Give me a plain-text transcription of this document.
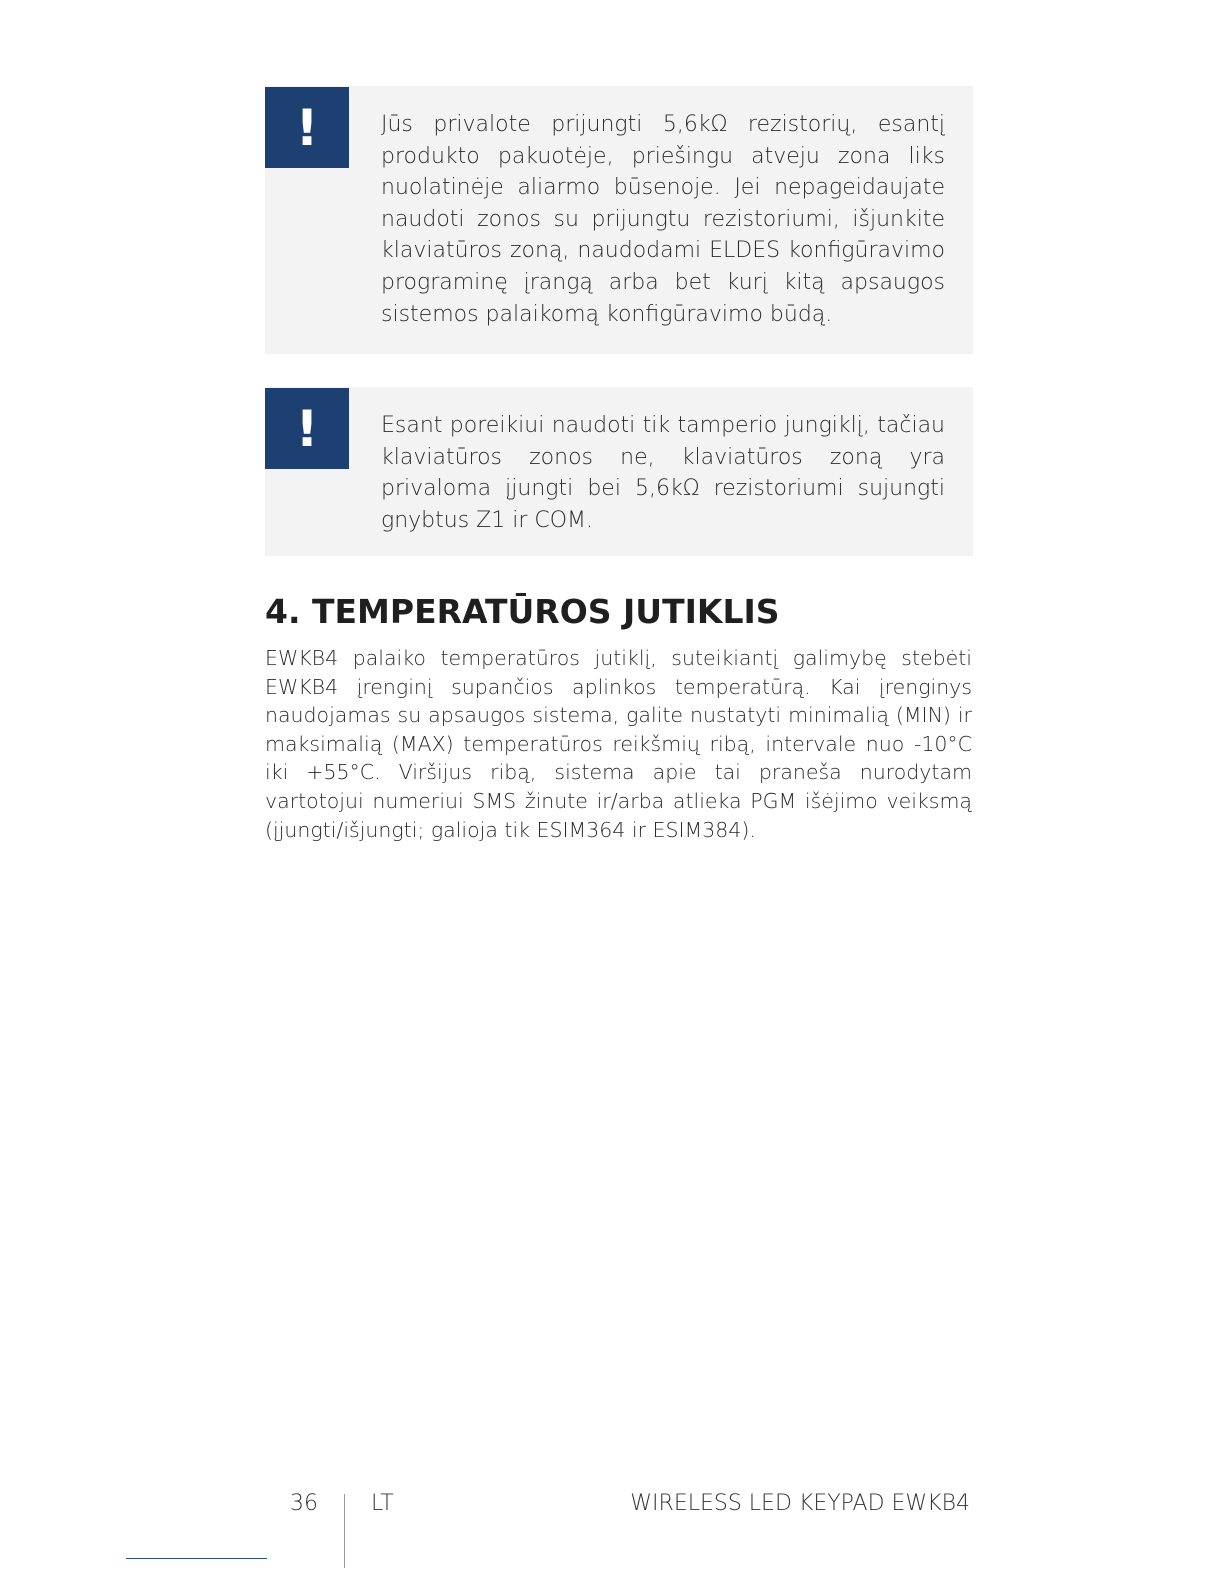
!	Jūs privalote prijungti 5,6kΩ rezistorių, esantį produkto pakuotėje, priešingu atveju zona liks nuolatinėje aliarmo būsenoje. Jei nepageidaujate naudoti zonos su prijungtu rezistoriumi, išjunkite klaviatūros zoną, naudodami ELDES konfigūravimo programinę įrangą arba bet kurį kitą apsaugos sistemos palaikomą konfigūravimo būdą.
!	Esant poreikiui naudoti tik tamperio jungiklį, tačiau klaviatūros zonos ne, klaviatūros zoną yra privaloma įjungti bei 5,6kΩ rezistoriumi sujungti gnybtus Z1 ir COM.
4. TEMPERATŪROS JUTIKLIS

EWKB4 palaiko temperatūros jutiklį, suteikiantį galimybę stebėti EWKB4 įrenginį supančios aplinkos temperatūrą. Kai įrenginys naudojamas su apsaugos sistema, galite nustatyti minimalią (MIN) ir maksimalią (MAX) temperatūros reikšmių ribą, intervale nuo -10°C iki +55°C. Viršijus ribą, sistema apie tai praneša nurodytam vartotojui numeriui SMS žinute ir/arba atlieka PGM išėjimo veiksmą (įjungti/išjungti; galioja tik ESIM364 ir ESIM384).

36 LT	WIRELESS LED KEYPAD EWKB4
